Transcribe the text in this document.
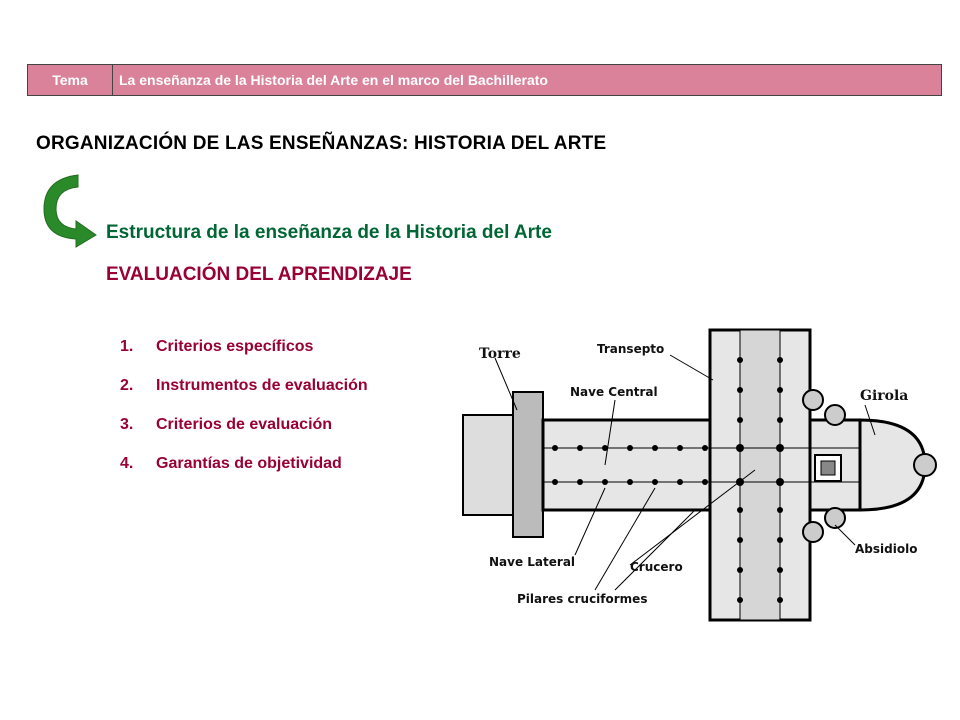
Tema	La enseñanza de la Historia del Arte en el marco del Bachillerato
ORGANIZACIÓN DE LAS ENSEÑANZAS: HISTORIA DEL ARTE
Estructura de la enseñanza de la Historia del Arte
EVALUACIÓN DEL APRENDIZAJE
1. Criterios específicos
2. Instrumentos de evaluación
3. Criterios de evaluación
4. Garantías de objetividad
Torre	Transepto
Nave Central	Girola
Nave Lateral	Crucero
Absidiolo
Pilares cruciformes
